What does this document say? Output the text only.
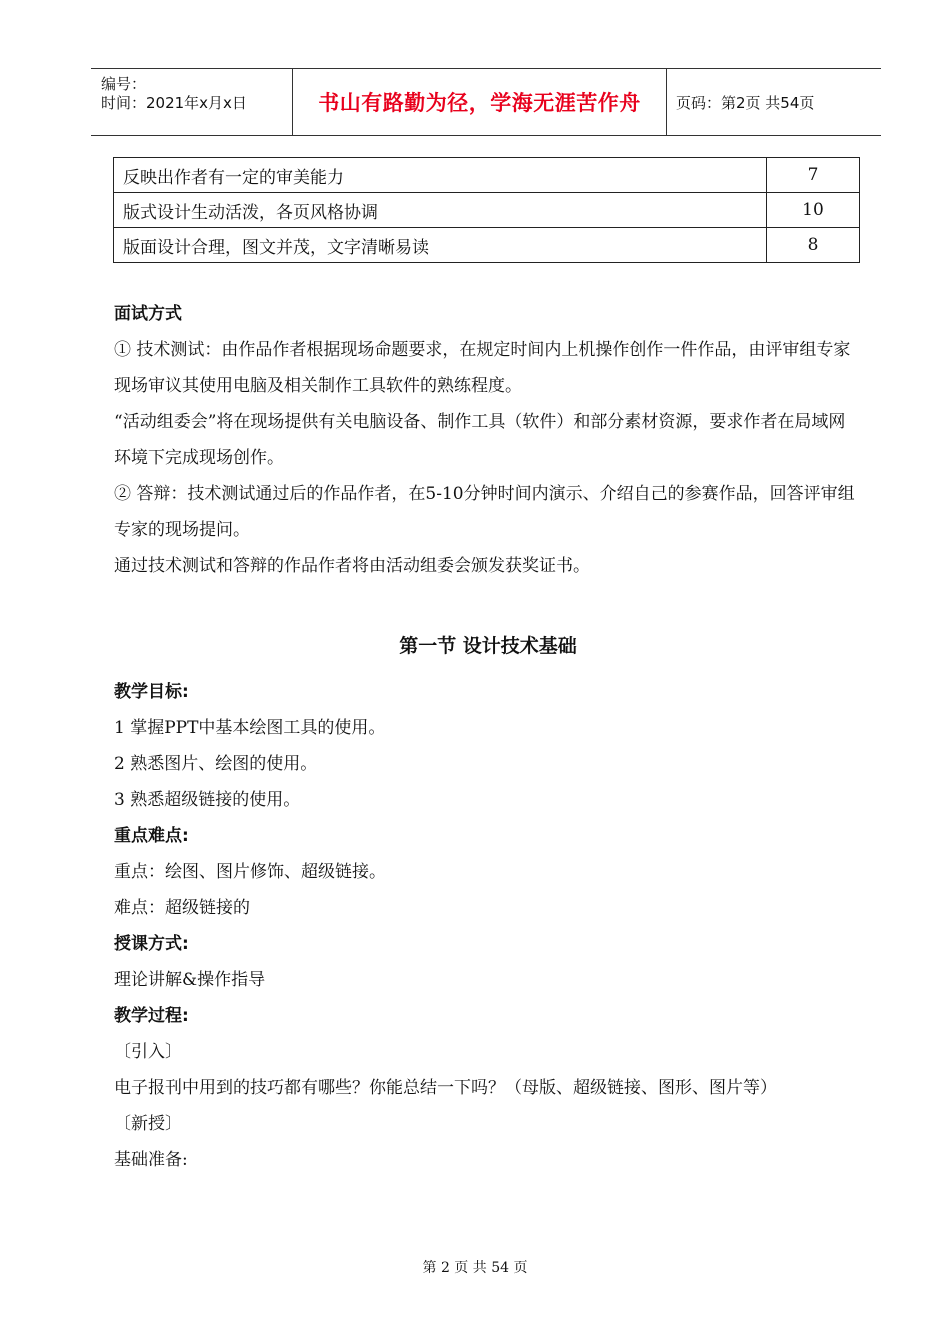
编号：
时间：2021年x月x日	书山有路勤为径，学海无涯苦作舟 页码：第2页 共54页
反映出作者有一定的审美能力	7
版式设计生动活泼，各页风格协调	10
版面设计合理，图文并茂，文字清晰易读	8

面试方式

① 技术测试：由作品作者根据现场命题要求，在规定时间内上机操作创作一件作品，由评审组专家现场审议其使用电脑及相关制作工具软件的熟练程度。

“活动组委会”将在现场提供有关电脑设备、制作工具（软件）和部分素材资源，要求作者在局域网环境下完成现场创作。

② 答辩：技术测试通过后的作品作者，在5-10分钟时间内演示、介绍自己的参赛作品，回答评审组专家的现场提问。

通过技术测试和答辩的作品作者将由活动组委会颁发获奖证书。

第一节 设计技术基础

教学目标:

1 掌握PPT中基本绘图工具的使用。

2 熟悉图片、绘图的使用。

3 熟悉超级链接的使用。

重点难点:

重点：绘图、图片修饰、超级链接。

难点：超级链接的

授课方式:

理论讲解&操作指导

教学过程:

〔引入〕

电子报刊中用到的技巧都有哪些？你能总结一下吗？（母版、超级链接、图形、图片等）

〔新授〕

基础准备:

第 2 页 共 54 页
